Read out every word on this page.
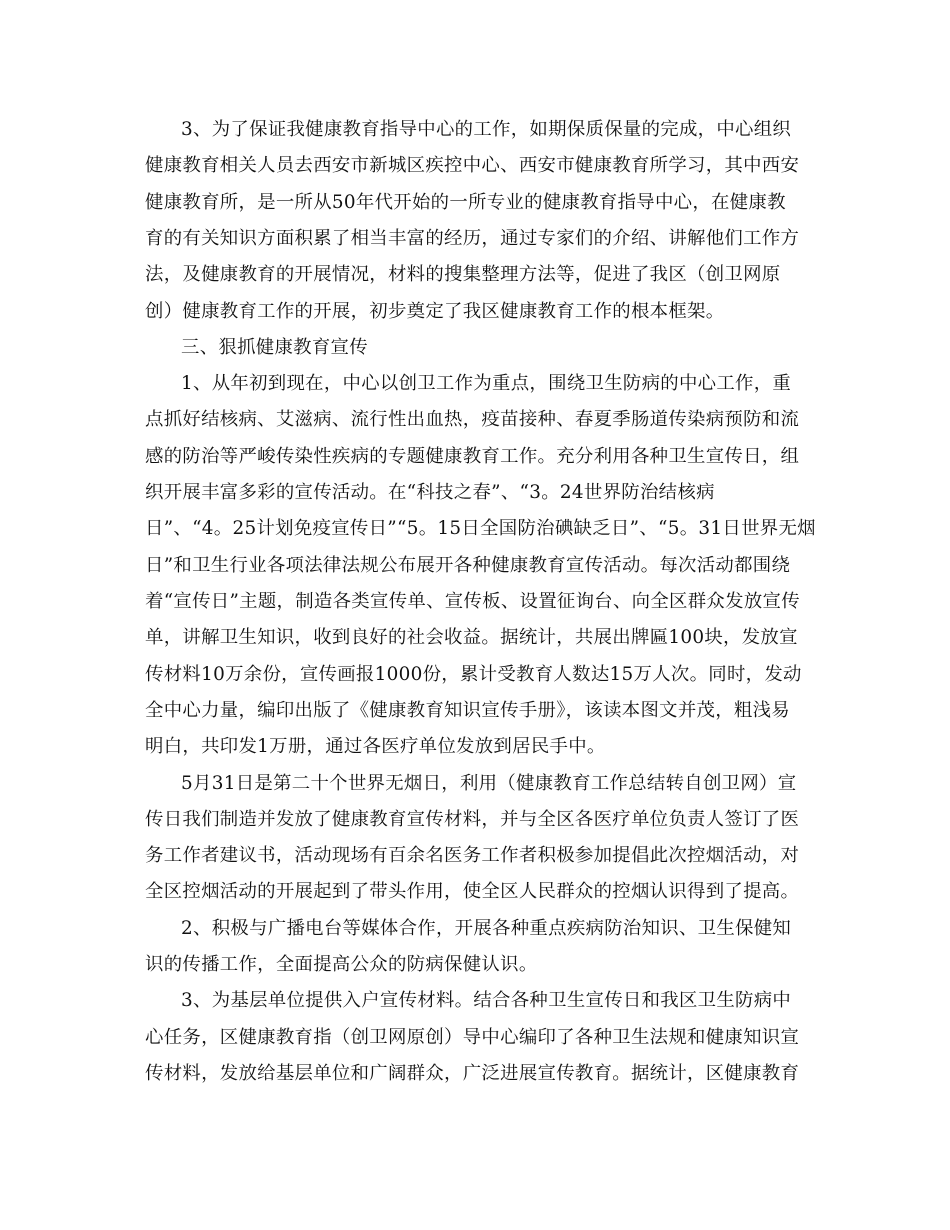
3、为了保证我健康教育指导中心的工作，如期保质保量的完成，中心组织
健康教育相关人员去西安市新城区疾控中心、西安市健康教育所学习，其中西安
健康教育所，是一所从50年代开始的一所专业的健康教育指导中心，在健康教
育的有关知识方面积累了相当丰富的经历，通过专家们的介绍、讲解他们工作方
法，及健康教育的开展情况，材料的搜集整理方法等，促进了我区（创卫网原
创）健康教育工作的开展，初步奠定了我区健康教育工作的根本框架。
三、狠抓健康教育宣传
1、从年初到现在，中心以创卫工作为重点，围绕卫生防病的中心工作，重
点抓好结核病、艾滋病、流行性出血热，疫苗接种、春夏季肠道传染病预防和流
感的防治等严峻传染性疾病的专题健康教育工作。充分利用各种卫生宣传日，组
织开展丰富多彩的宣传活动。在“科技之春”、“3。24世界防治结核病
日”、“4。25计划免疫宣传日”“5。15日全国防治碘缺乏日”、“5。31日世界无烟
日”和卫生行业各项法律法规公布展开各种健康教育宣传活动。每次活动都围绕
着“宣传日”主题，制造各类宣传单、宣传板、设置征询台、向全区群众发放宣传
单，讲解卫生知识，收到良好的社会收益。据统计，共展出牌匾100块，发放宣
传材料10万余份，宣传画报1000份，累计受教育人数达15万人次。同时，发动
全中心力量，编印出版了《健康教育知识宣传手册》，该读本图文并茂，粗浅易
明白，共印发1万册，通过各医疗单位发放到居民手中。
5月31日是第二十个世界无烟日，利用（健康教育工作总结转自创卫网）宣
传日我们制造并发放了健康教育宣传材料，并与全区各医疗单位负责人签订了医
务工作者建议书，活动现场有百余名医务工作者积极参加提倡此次控烟活动，对
全区控烟活动的开展起到了带头作用，使全区人民群众的控烟认识得到了提高。
2、积极与广播电台等媒体合作，开展各种重点疾病防治知识、卫生保健知
识的传播工作，全面提高公众的防病保健认识。
3、为基层单位提供入户宣传材料。结合各种卫生宣传日和我区卫生防病中
心任务，区健康教育指（创卫网原创）导中心编印了各种卫生法规和健康知识宣
传材料，发放给基层单位和广阔群众，广泛进展宣传教育。据统计，区健康教育
